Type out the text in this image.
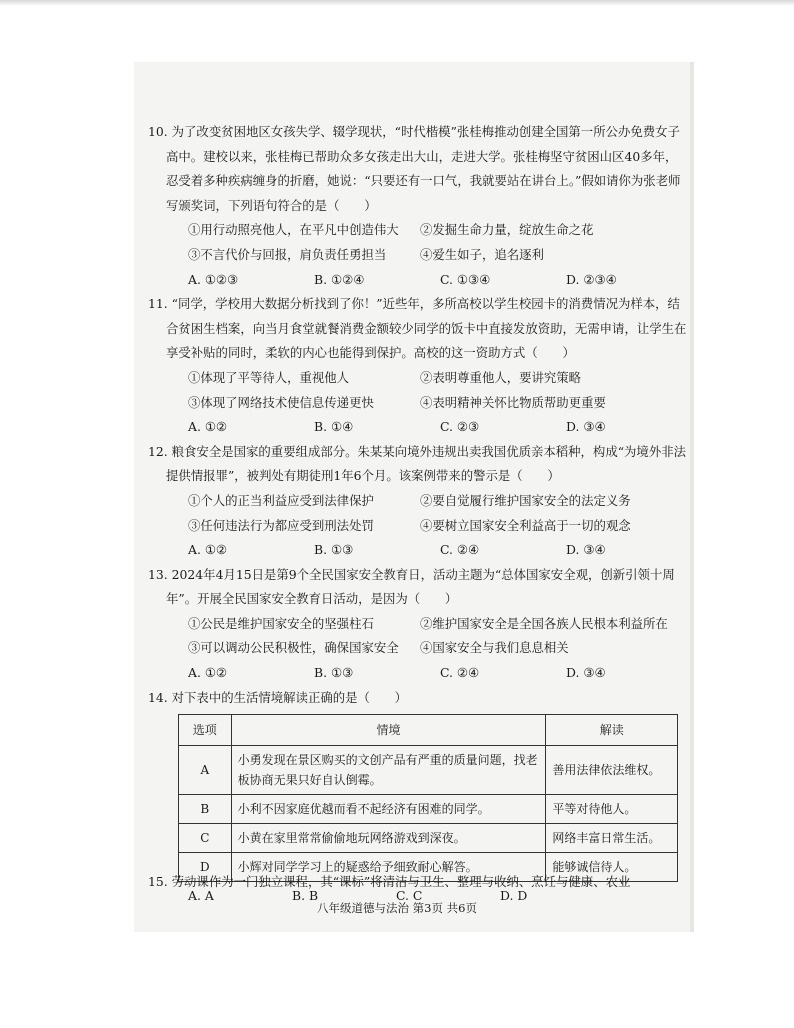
10. 为了改变贫困地区女孩失学、辍学现状，“时代楷模”张桂梅推动创建全国第一所公办免费女子高中。建校以来，张桂梅已帮助众多女孩走出大山，走进大学。张桂梅坚守贫困山区40多年，忍受着多种疾病缠身的折磨，她说：“只要还有一口气，我就要站在讲台上。”假如请你为张老师写颁奖词，下列语句符合的是（　　）

①用行动照亮他人，在平凡中创造伟大	②发掘生命力量，绽放生命之花
③不言代价与回报，肩负责任勇担当	④爱生如子，追名逐利
A. ①②③	B. ①②④	C. ①③④	D. ②③④

11. “同学，学校用大数据分析找到了你！”近些年，多所高校以学生校园卡的消费情况为样本，结合贫困生档案，向当月食堂就餐消费金额较少同学的饭卡中直接发放资助，无需申请，让学生在享受补贴的同时，柔软的内心也能得到保护。高校的这一资助方式（　　）

①体现了平等待人，重视他人	②表明尊重他人，要讲究策略
③体现了网络技术使信息传递更快	④表明精神关怀比物质帮助更重要
A. ①②	B. ①④	C. ②③	D. ③④

12. 粮食安全是国家的重要组成部分。朱某某向境外违规出卖我国优质亲本稻种，构成“为境外非法提供情报罪”，被判处有期徒刑1年6个月。该案例带来的警示是（　　）

①个人的正当利益应受到法律保护	②要自觉履行维护国家安全的法定义务
③任何违法行为都应受到刑法处罚	④要树立国家安全利益高于一切的观念
A. ①②	B. ①③	C. ②④	D. ③④

13. 2024年4月15日是第9个全民国家安全教育日，活动主题为“总体国家安全观，创新引领十周年”。开展全民国家安全教育日活动，是因为（　　）

①公民是维护国家安全的坚强柱石	②维护国家安全是全国各族人民根本利益所在
③可以调动公民积极性，确保国家安全	④国家安全与我们息息相关
A. ①②	B. ①③	C. ②④	D. ③④

14. 对下表中的生活情境解读正确的是（　　）

选项	情境	解读
A	小勇发现在景区购买的文创产品有严重的质量问题，找老板协商无果只好自认倒霉。	善用法律依法维权。
B	小利不因家庭优越而看不起经济有困难的同学。	平等对待他人。
C	小黄在家里常常偷偷地玩网络游戏到深夜。	网络丰富日常生活。
D	小辉对同学学习上的疑惑给予细致耐心解答。	能够诚信待人。
A. A	B. B	C. C	D. D

15. 劳动课作为一门独立课程，其“课标”将清洁与卫生、整理与收纳、烹饪与健康、农业

八年级道德与法治 第3页 共6页
